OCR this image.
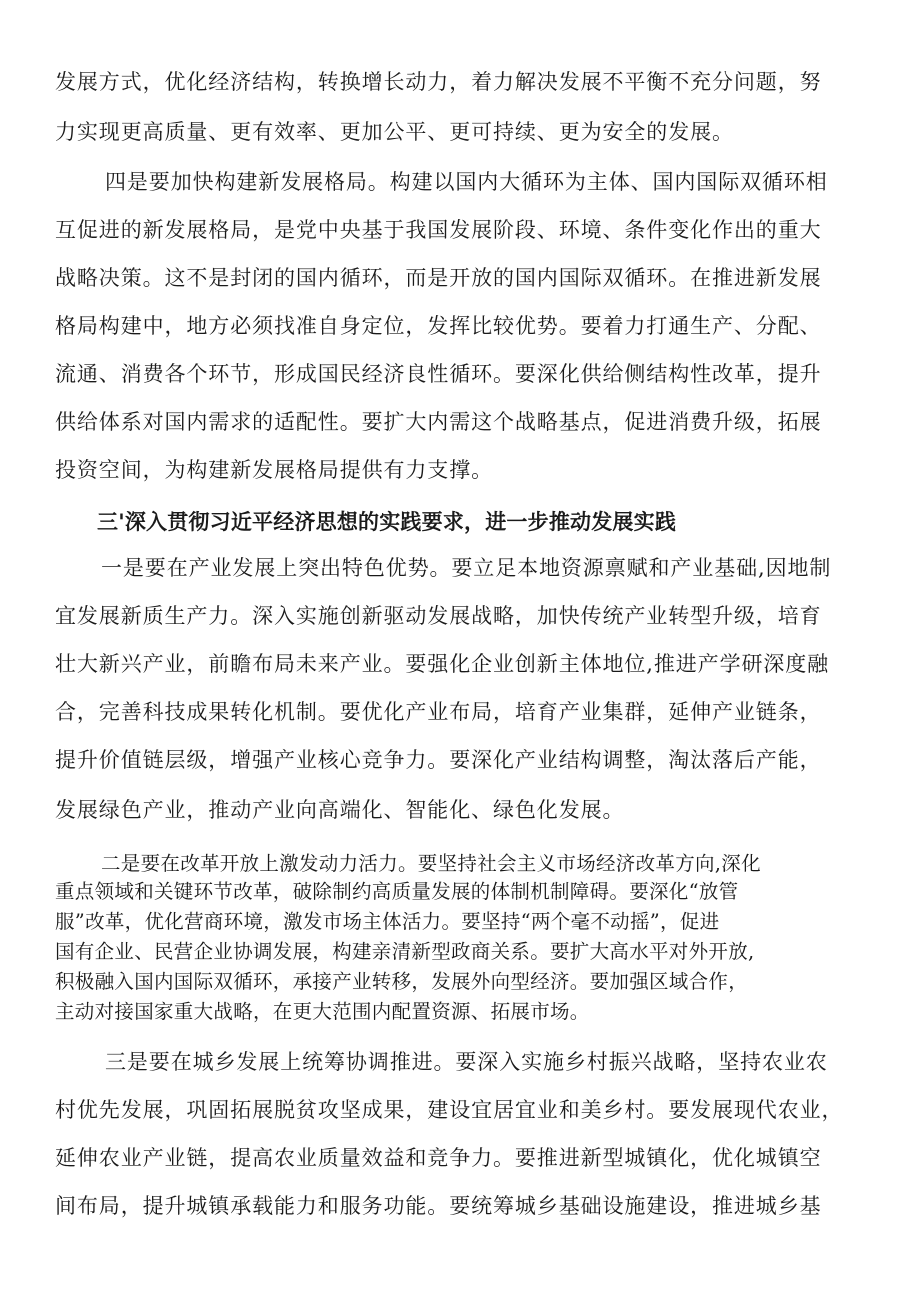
发展方式，优化经济结构，转换增长动力，着力解决发展不平衡不充分问题，努
力实现更高质量、更有效率、更加公平、更可持续、更为安全的发展。
四是要加快构建新发展格局。构建以国内大循环为主体、国内国际双循环相
互促进的新发展格局，是党中央基于我国发展阶段、环境、条件变化作出的重大
战略决策。这不是封闭的国内循环，而是开放的国内国际双循环。在推进新发展
格局构建中，地方必须找准自身定位，发挥比较优势。要着力打通生产、分配、
流通、消费各个环节，形成国民经济良性循环。要深化供给侧结构性改革，提升
供给体系对国内需求的适配性。要扩大内需这个战略基点，促进消费升级，拓展
投资空间，为构建新发展格局提供有力支撑。
三'深入贯彻习近平经济思想的实践要求，进一步推动发展实践
一是要在产业发展上突出特色优势。要立足本地资源禀赋和产业基础,因地制
宜发展新质生产力。深入实施创新驱动发展战略，加快传统产业转型升级，培育
壮大新兴产业，前瞻布局未来产业。要强化企业创新主体地位,推进产学研深度融
合，完善科技成果转化机制。要优化产业布局，培育产业集群，延伸产业链条，
提升价值链层级，增强产业核心竞争力。要深化产业结构调整，淘汰落后产能，
发展绿色产业，推动产业向高端化、智能化、绿色化发展。
二是要在改革开放上激发动力活力。要坚持社会主义市场经济改革方向,深化
重点领域和关键环节改革，破除制约高质量发展的体制机制障碍。要深化“放管
服”改革，优化营商环境，激发市场主体活力。要坚持“两个毫不动摇”，促进
国有企业、民营企业协调发展，构建亲清新型政商关系。要扩大高水平对外开放,
积极融入国内国际双循环，承接产业转移，发展外向型经济。要加强区域合作，
主动对接国家重大战略，在更大范围内配置资源、拓展市场。
三是要在城乡发展上统筹协调推进。要深入实施乡村振兴战略，坚持农业农
村优先发展，巩固拓展脱贫攻坚成果，建设宜居宜业和美乡村。要发展现代农业，
延伸农业产业链，提高农业质量效益和竞争力。要推进新型城镇化，优化城镇空
间布局，提升城镇承载能力和服务功能。要统筹城乡基础设施建设，推进城乡基
